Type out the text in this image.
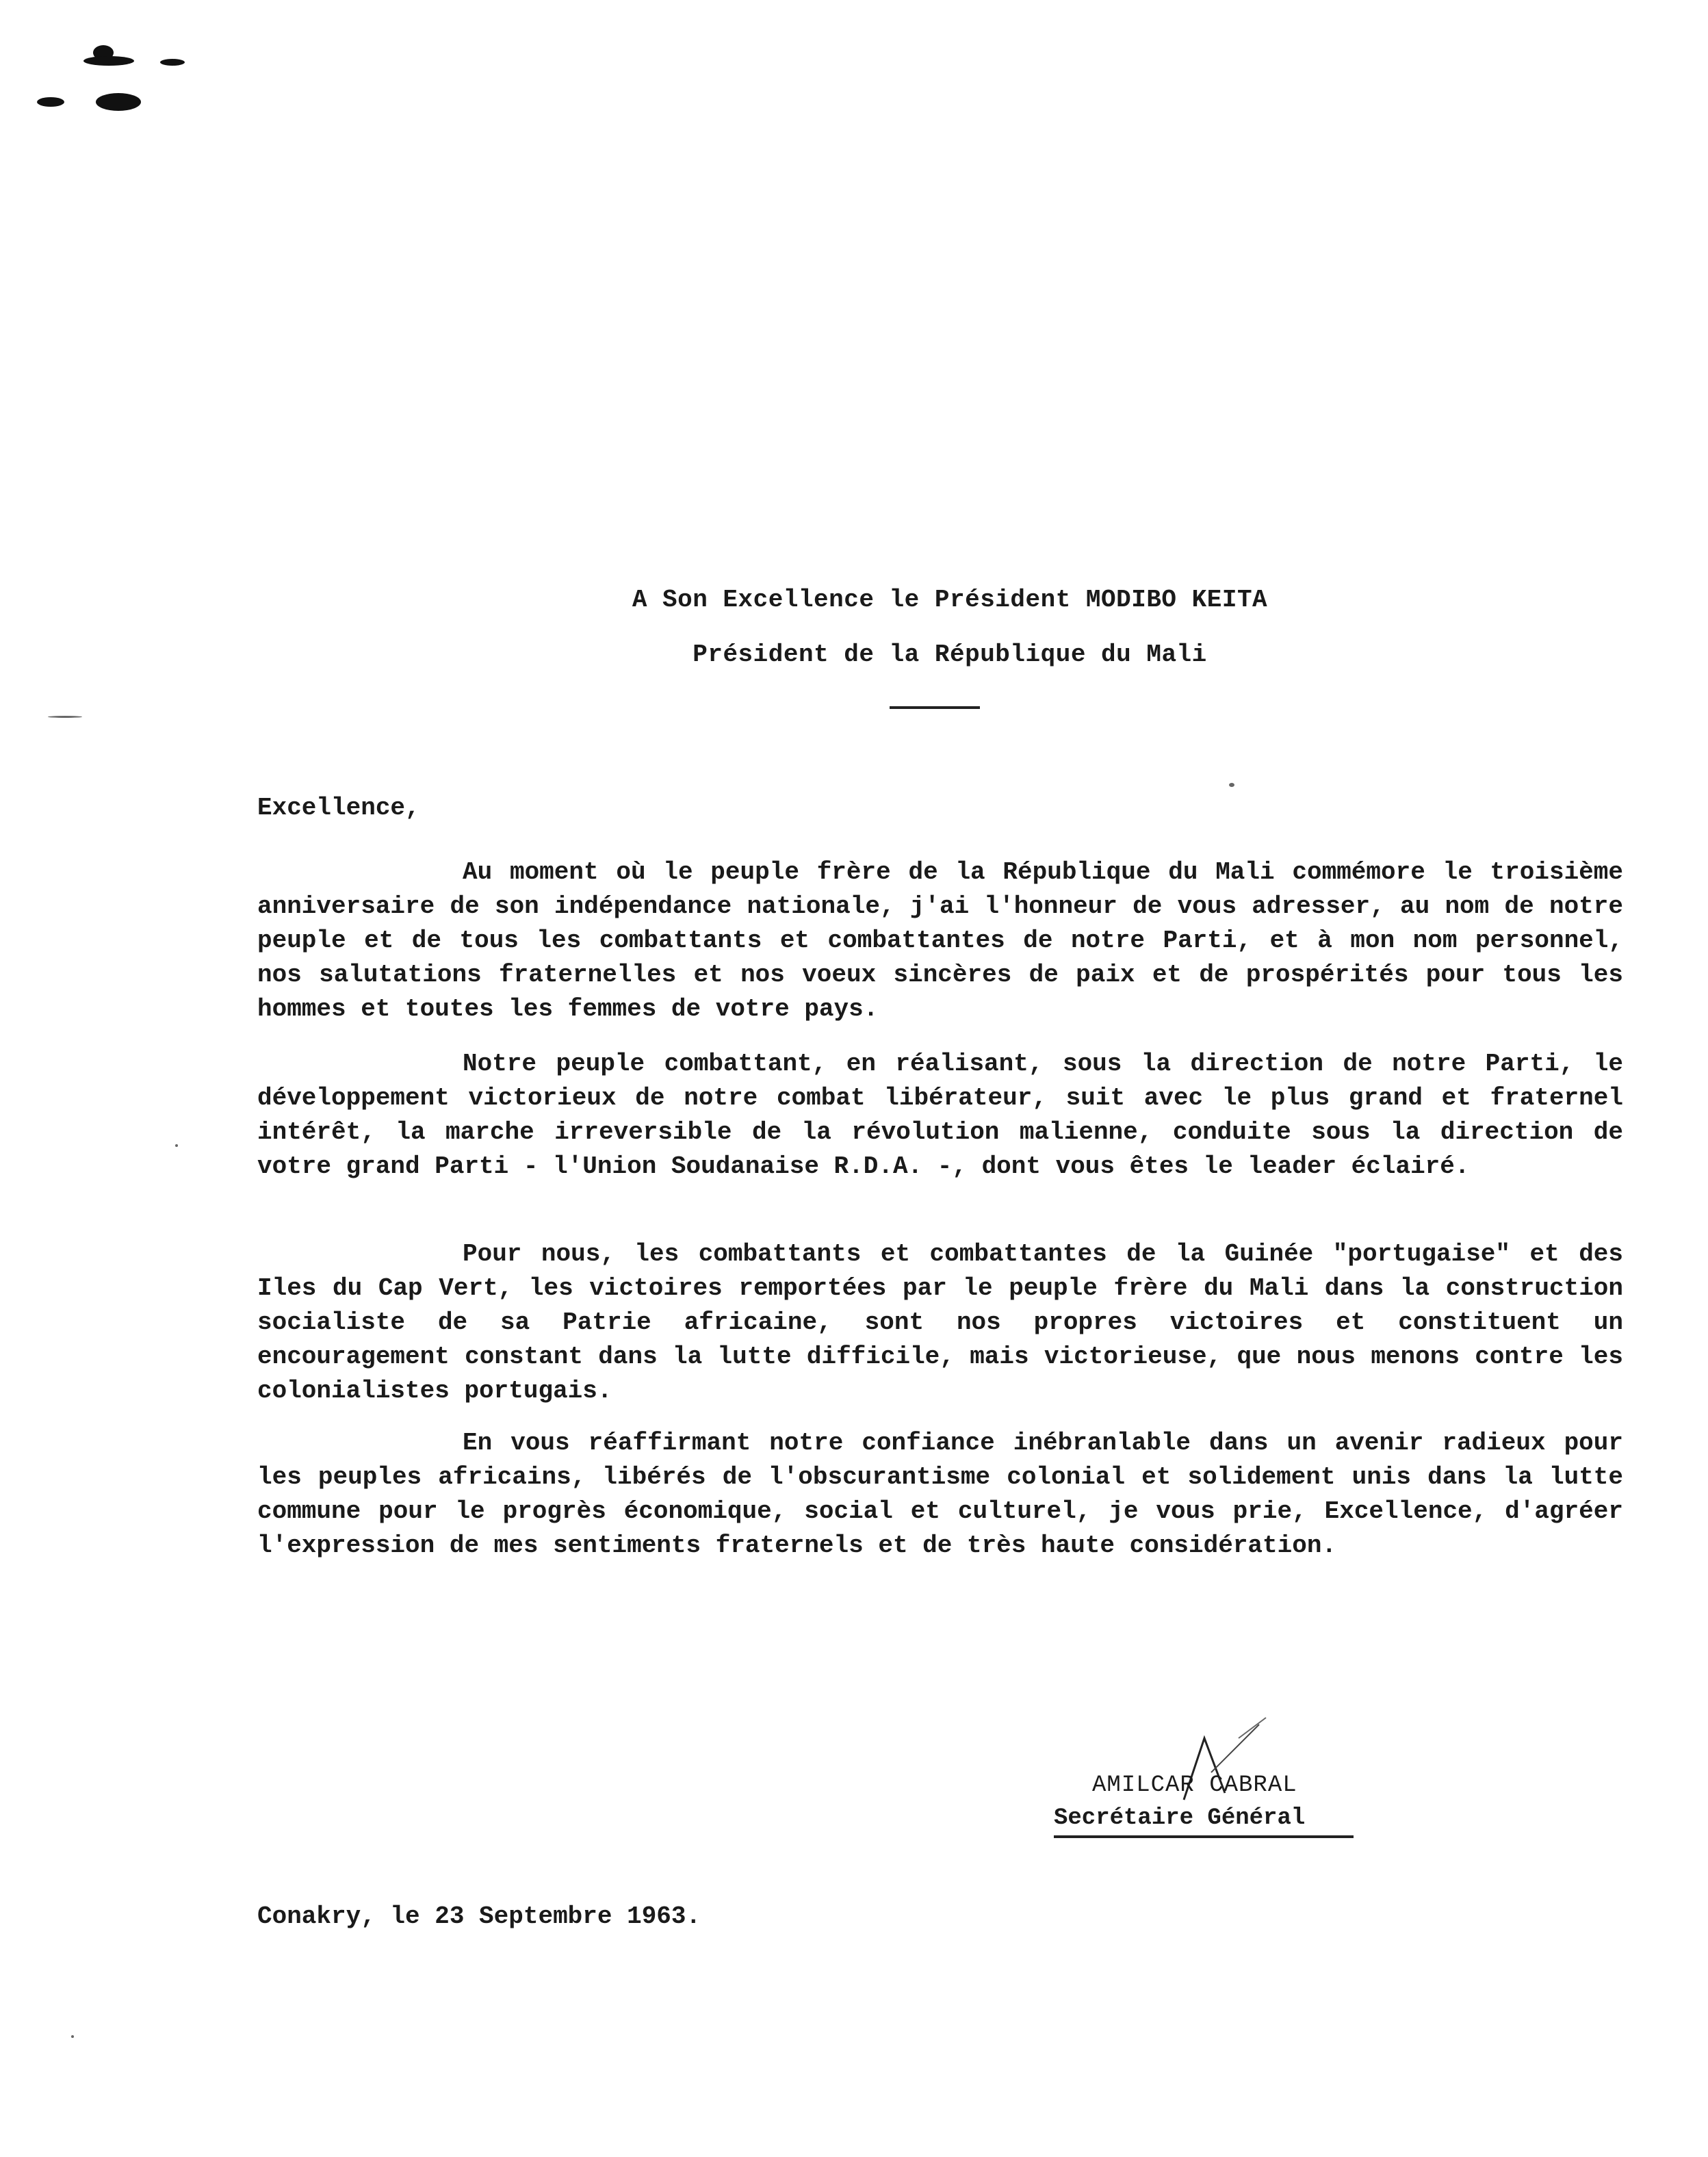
A Son Excellence le Président MODIBO KEITA
Président de la République du Mali
Excellence,
Au moment où le peuple frère de la République du Mali commémore le troisième anniversaire de son indépendance nationale, j'ai l'honneur de vous adresser, au nom de notre peuple et de tous les combattants et combattantes de notre Parti, et à mon nom personnel, nos salutations fraternelles et nos voeux sincères de paix et de prospérités pour tous les hommes et toutes les femmes de votre pays.
Notre peuple combattant, en réalisant, sous la direction de notre Parti, le développement victorieux de notre combat libérateur, suit avec le plus grand et fraternel intérêt, la marche irreversible de la révolution malienne, conduite sous la direction de votre grand Parti - l'Union Soudanaise R.D.A. -, dont vous êtes le leader éclairé.
Pour nous, les combattants et combattantes de la Guinée "portugaise" et des Iles du Cap Vert, les victoires remportées par le peuple frère du Mali dans la construction socialiste de sa Patrie africaine, sont nos propres victoires et constituent un encouragement constant dans la lutte difficile, mais victorieuse, que nous menons contre les colonialistes portugais.
En vous réaffirmant notre confiance inébranlable dans un avenir radieux pour les peuples africains, libérés de l'obscurantisme colonial et solidement unis dans la lutte commune pour le progrès économique, social et culturel, je vous prie, Excellence, d'agréer l'expression de mes sentiments fraternels et de très haute considération.
AMILCAR CABRAL
Secrétaire Général
Conakry, le 23 Septembre 1963.
